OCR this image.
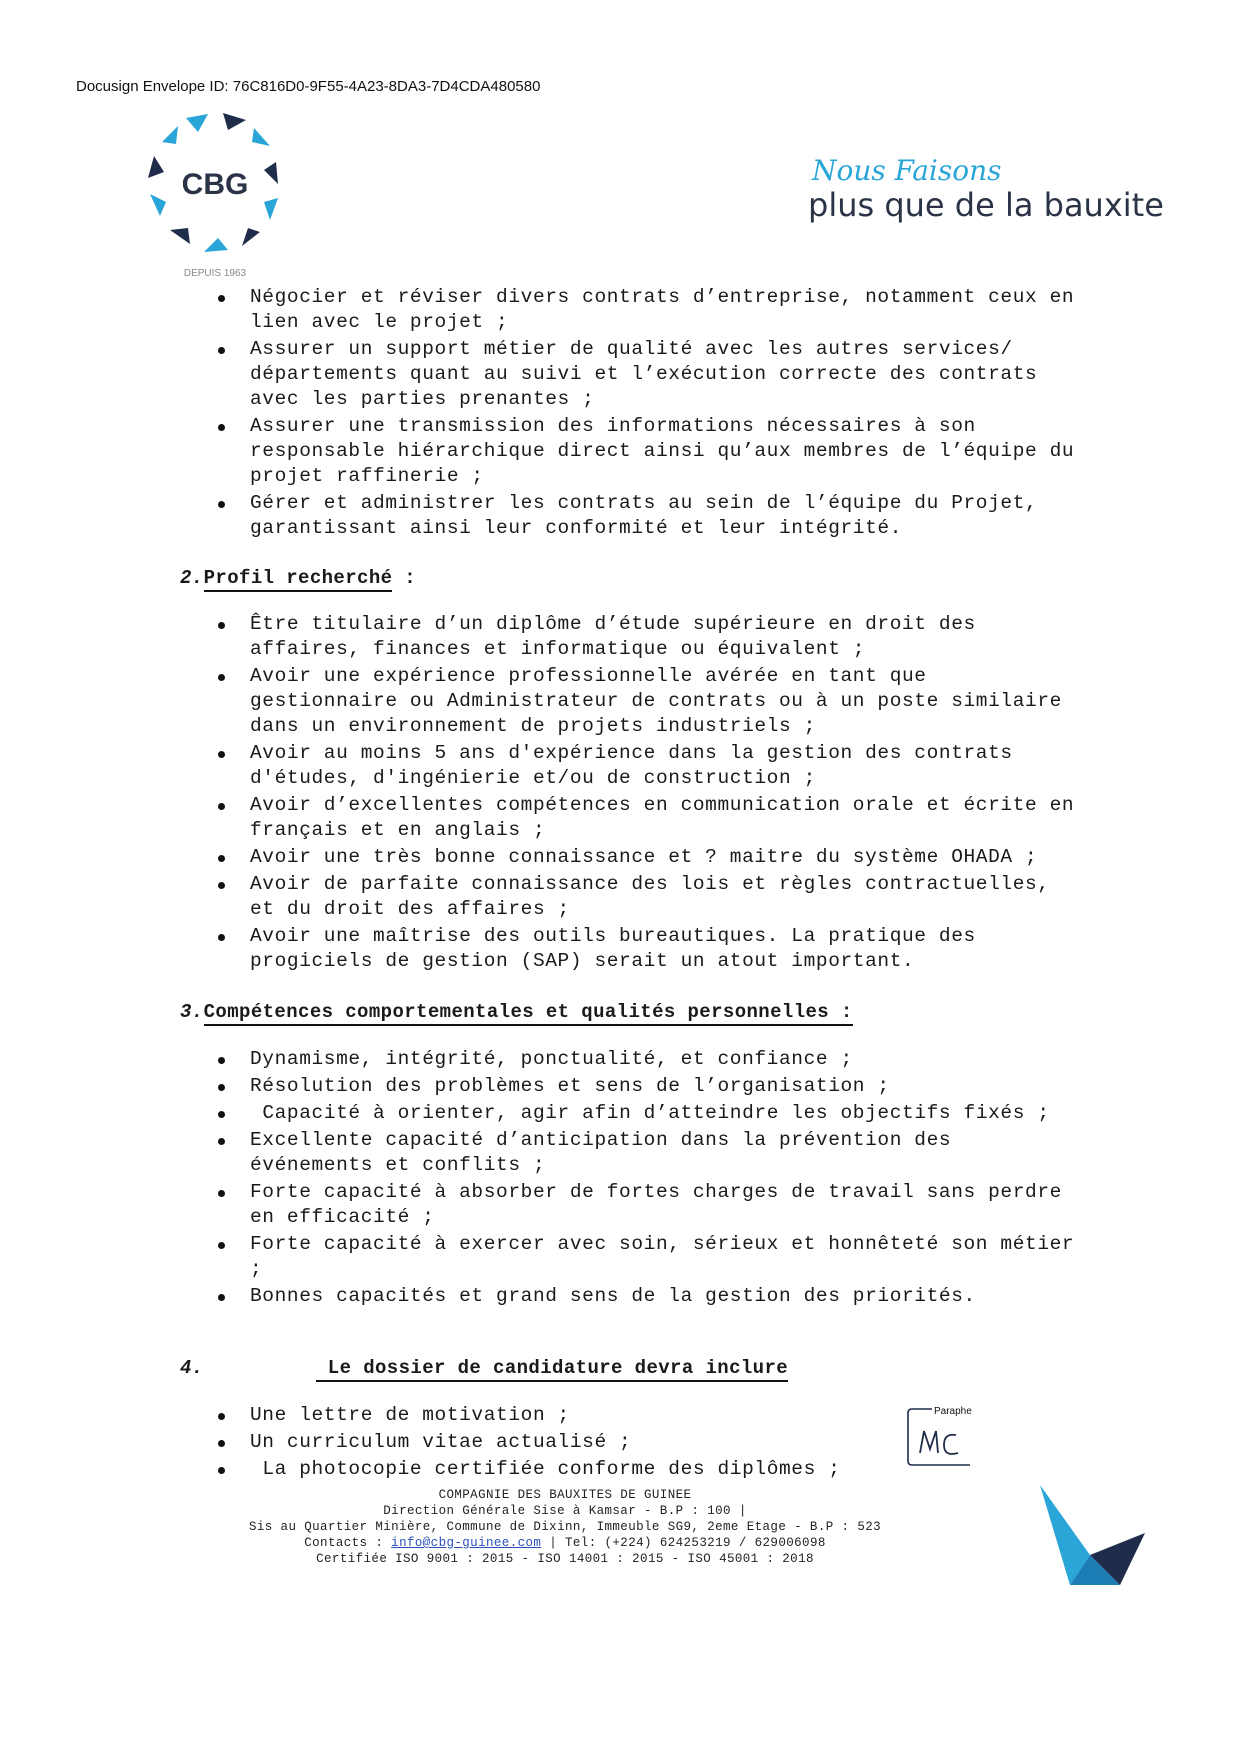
Docusign Envelope ID: 76C816D0-9F55-4A23-8DA3-7D4CDA480580
CBG
DEPUIS 1963
Nous Faisons
plus que de la bauxite
Négocier et réviser divers contrats d’entreprise, notamment ceux en lien avec le projet ;
Assurer un support métier de qualité avec les autres services/ départements quant au suivi et l’exécution correcte des contrats avec les parties prenantes ;
Assurer une transmission des informations nécessaires à son responsable hiérarchique direct ainsi qu’aux membres de l’équipe du projet raffinerie ;
Gérer et administrer les contrats au sein de l’équipe du Projet, garantissant ainsi leur conformité et leur intégrité.
2.Profil recherché :
Être titulaire d’un diplôme d’étude supérieure en droit des affaires, finances et informatique ou équivalent ;
Avoir une expérience professionnelle avérée en tant que gestionnaire ou Administrateur de contrats ou à un poste similaire dans un environnement de projets industriels ;
Avoir au moins 5 ans d'expérience dans la gestion des contrats d'études, d'ingénierie et/ou de construction ;
Avoir d’excellentes compétences en communication orale et écrite en français et en anglais ;
Avoir une très bonne connaissance et ? maitre du système OHADA ;
Avoir de parfaite connaissance des lois et règles contractuelles, et du droit des affaires ;
Avoir une maîtrise des outils bureautiques. La pratique des progiciels de gestion (SAP) serait un atout important.
3.Compétences comportementales et qualités personnelles :
Dynamisme, intégrité, ponctualité, et confiance ;
Résolution des problèmes et sens de l’organisation ;
Capacité à orienter, agir afin d’atteindre les objectifs fixés ;
Excellente capacité d’anticipation dans la prévention des événements et conflits ;
Forte capacité à absorber de fortes charges de travail sans perdre en efficacité ;
Forte capacité à exercer avec soin, sérieux et honnêteté son métier ;
Bonnes capacités et grand sens de la gestion des priorités.
4.	Le dossier de candidature devra inclure
Une lettre de motivation ;
Un curriculum vitae actualisé ;
La photocopie certifiée conforme des diplômes ;
Paraphe
COMPAGNIE DES BAUXITES DE GUINEE
Direction Générale Sise à Kamsar - B.P : 100 |
Sis au Quartier Minière, Commune de Dixinn, Immeuble SG9, 2eme Etage - B.P : 523
Contacts : info@cbg-guinee.com | Tel: (+224) 624253219 / 629006098
Certifiée ISO 9001 : 2015 - ISO 14001 : 2015 - ISO 45001 : 2018
